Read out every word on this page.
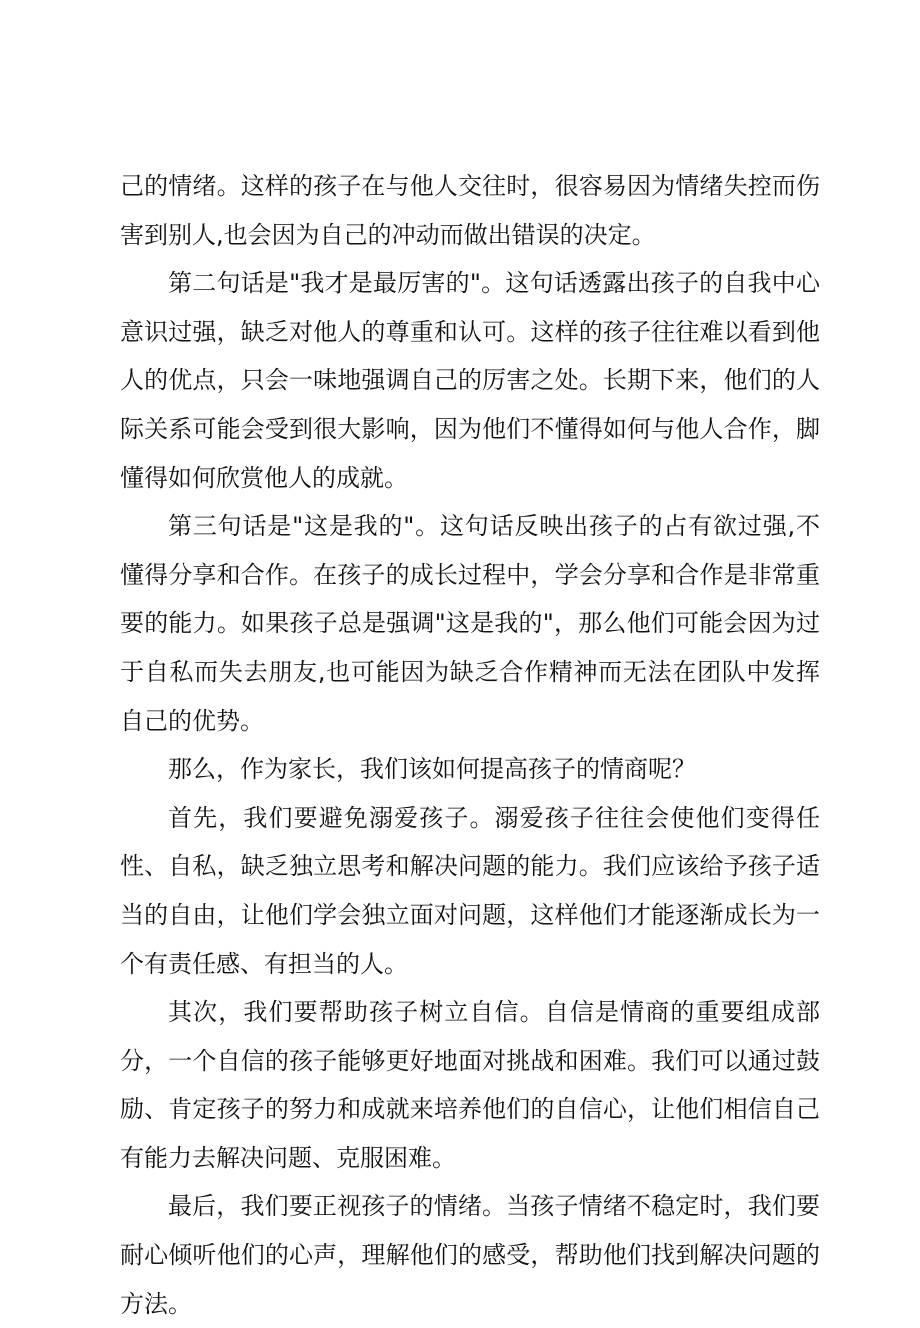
己的情绪。这样的孩子在与他人交往时，很容易因为情绪失控而伤害到别人,也会因为自己的冲动而做出错误的决定。

第二句话是"我才是最厉害的"。这句话透露出孩子的自我中心意识过强，缺乏对他人的尊重和认可。这样的孩子往往难以看到他人的优点，只会一味地强调自己的厉害之处。长期下来，他们的人际关系可能会受到很大影响，因为他们不懂得如何与他人合作，脚懂得如何欣赏他人的成就。

第三句话是"这是我的"。这句话反映出孩子的占有欲过强,不懂得分享和合作。在孩子的成长过程中，学会分享和合作是非常重要的能力。如果孩子总是强调"这是我的"，那么他们可能会因为过于自私而失去朋友,也可能因为缺乏合作精神而无法在团队中发挥自己的优势。

那么，作为家长，我们该如何提高孩子的情商呢？

首先，我们要避免溺爱孩子。溺爱孩子往往会使他们变得任性、自私，缺乏独立思考和解决问题的能力。我们应该给予孩子适当的自由，让他们学会独立面对问题，这样他们才能逐渐成长为一个有责任感、有担当的人。

其次，我们要帮助孩子树立自信。自信是情商的重要组成部分，一个自信的孩子能够更好地面对挑战和困难。我们可以通过鼓励、肯定孩子的努力和成就来培养他们的自信心，让他们相信自己有能力去解决问题、克服困难。

最后，我们要正视孩子的情绪。当孩子情绪不稳定时，我们要耐心倾听他们的心声，理解他们的感受，帮助他们找到解决问题的方法。
